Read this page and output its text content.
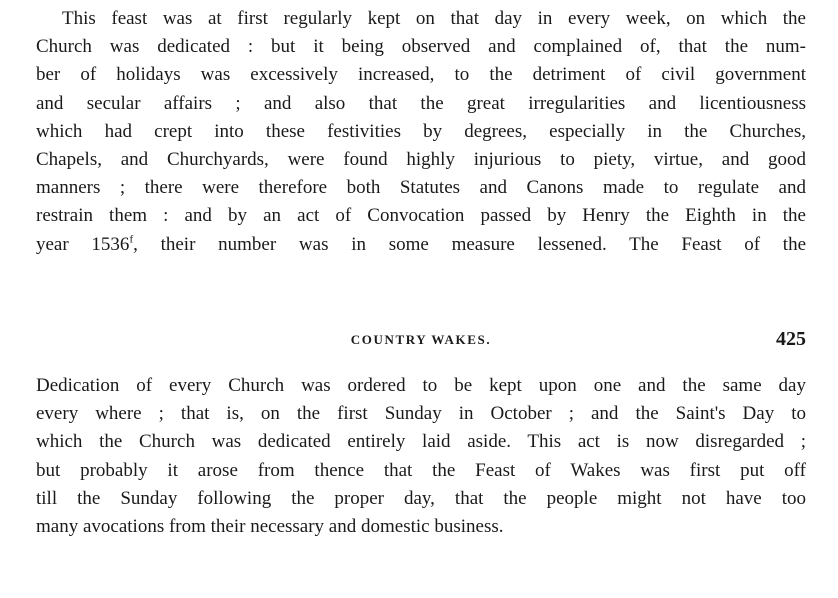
This feast was at first regularly kept on that day in every week, on which the
Church was dedicated : but it being observed and complained of, that the num-
ber of holidays was excessively increased, to the detriment of civil government
and secular affairs ; and also that the great irregularities and licentiousness
which had crept into these festivities by degrees, especially in the Churches,
Chapels, and Churchyards, were found highly injurious to piety, virtue, and good
manners ; there were therefore both Statutes and Canons made to regulate and
restrain them : and by an act of Convocation passed by Henry the Eighth in the
year 1536$^f$, their number was in some measure lessened. The Feast of the
COUNTRY WAKES.	425
Dedication of every Church was ordered to be kept upon one and the same day
every where ; that is, on the first Sunday in October ; and the Saint's Day to
which the Church was dedicated entirely laid aside. This act is now disregarded ;
but probably it arose from thence that the Feast of Wakes was first put off
till the Sunday following the proper day, that the people might not have too
many avocations from their necessary and domestic business.
